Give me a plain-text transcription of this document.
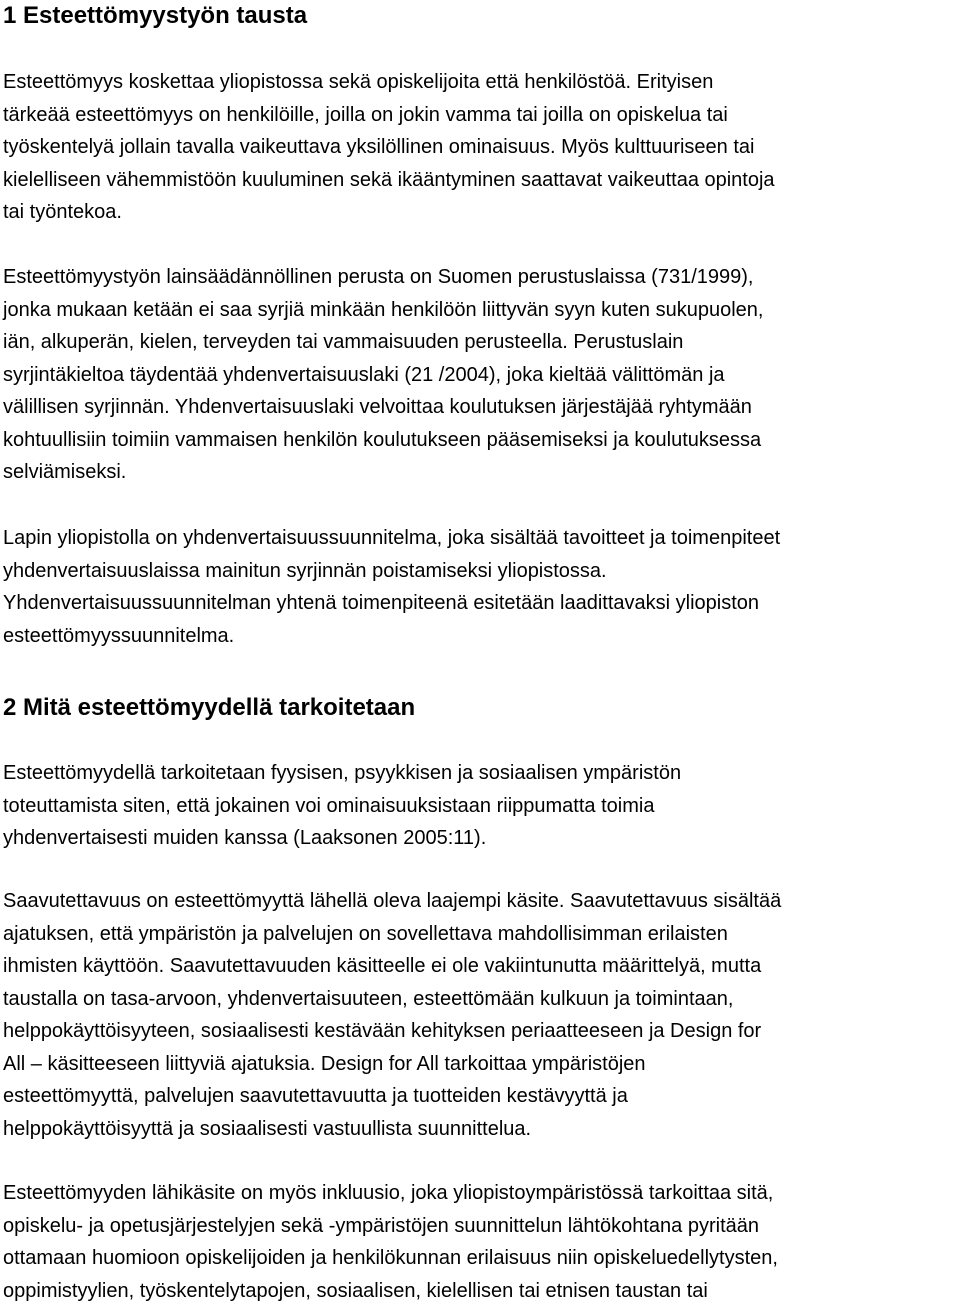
1 Esteettömyystyön tausta

Esteettömyys koskettaa yliopistossa sekä opiskelijoita että henkilöstöä. Erityisen
tärkeää esteettömyys on henkilöille, joilla on jokin vamma tai joilla on opiskelua tai
työskentelyä jollain tavalla vaikeuttava yksilöllinen ominaisuus. Myös kulttuuriseen tai
kielelliseen vähemmistöön kuuluminen sekä ikääntyminen saattavat vaikeuttaa opintoja
tai työntekoa.

Esteettömyystyön lainsäädännöllinen perusta on Suomen perustuslaissa (731/1999),
jonka mukaan ketään ei saa syrjiä minkään henkilöön liittyvän syyn kuten sukupuolen,
iän, alkuperän, kielen, terveyden tai vammaisuuden perusteella. Perustuslain
syrjintäkieltoa täydentää yhdenvertaisuuslaki (21 /2004), joka kieltää välittömän ja
välillisen syrjinnän. Yhdenvertaisuuslaki velvoittaa koulutuksen järjestäjää ryhtymään
kohtuullisiin toimiin vammaisen henkilön koulutukseen pääsemiseksi ja koulutuksessa
selviämiseksi.

Lapin yliopistolla on yhdenvertaisuussuunnitelma, joka sisältää tavoitteet ja toimenpiteet
yhdenvertaisuuslaissa mainitun syrjinnän poistamiseksi yliopistossa.
Yhdenvertaisuussuunnitelman yhtenä toimenpiteenä esitetään laadittavaksi yliopiston
esteettömyyssuunnitelma.

2 Mitä esteettömyydellä tarkoitetaan

Esteettömyydellä tarkoitetaan fyysisen, psyykkisen ja sosiaalisen ympäristön
toteuttamista siten, että jokainen voi ominaisuuksistaan riippumatta toimia
yhdenvertaisesti muiden kanssa (Laaksonen 2005:11).

Saavutettavuus on esteettömyyttä lähellä oleva laajempi käsite. Saavutettavuus sisältää
ajatuksen, että ympäristön ja palvelujen on sovellettava mahdollisimman erilaisten
ihmisten käyttöön. Saavutettavuuden käsitteelle ei ole vakiintunutta määrittelyä, mutta
taustalla on tasa-arvoon, yhdenvertaisuuteen, esteettömään kulkuun ja toimintaan,
helppokäyttöisyyteen, sosiaalisesti kestävään kehityksen periaatteeseen ja Design for
All – käsitteeseen liittyviä ajatuksia. Design for All tarkoittaa ympäristöjen
esteettömyyttä, palvelujen saavutettavuutta ja tuotteiden kestävyyttä ja
helppokäyttöisyyttä ja sosiaalisesti vastuullista suunnittelua.

Esteettömyyden lähikäsite on myös inkluusio, joka yliopistoympäristössä tarkoittaa sitä,
opiskelu- ja opetusjärjestelyjen sekä -ympäristöjen suunnittelun lähtökohtana pyritään
ottamaan huomioon opiskelijoiden ja henkilökunnan erilaisuus niin opiskeluedellytysten,
oppimistyylien, työskentelytapojen, sosiaalisen, kielellisen tai etnisen taustan tai
